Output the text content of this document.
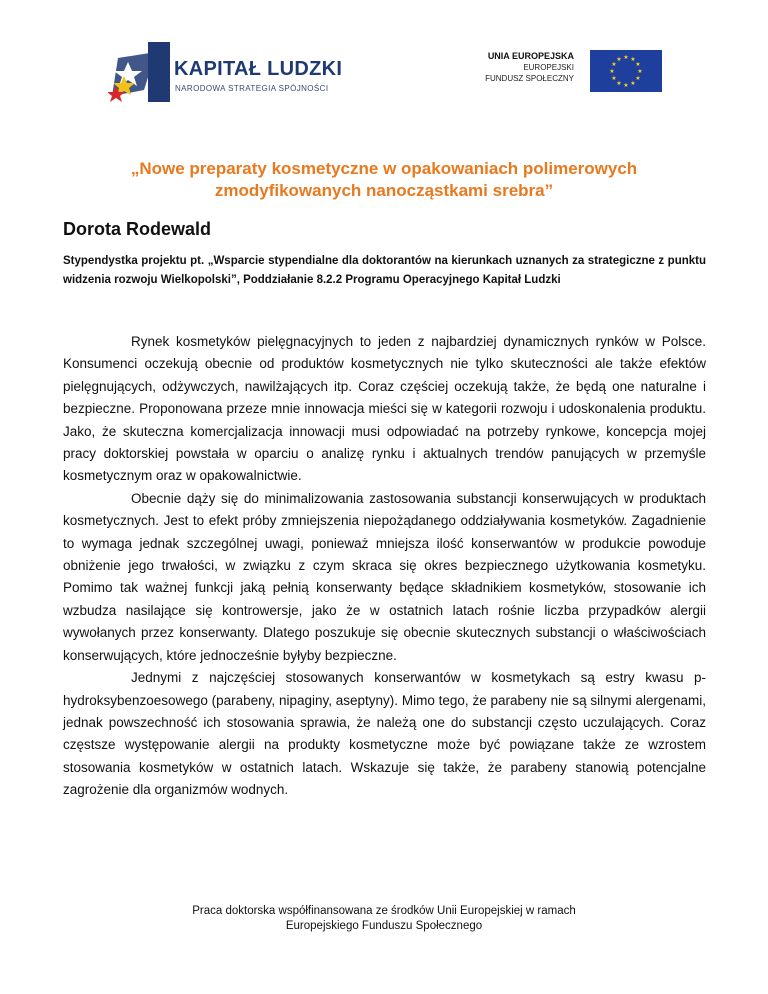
KAPITAŁ LUDZKI
NARODOWA STRATEGIA SPÓJNOŚCI
UNIA EUROPEJSKA
EUROPEJSKI
FUNDUSZ SPOŁECZNY
★ ★
★
★
★
★
★
★
★
★
★
★
„Nowe preparaty kosmetyczne w opakowaniach polimerowych zmodyfikowanych nanocząstkami srebra”
Dorota Rodewald
Stypendystka projektu pt. „Wsparcie stypendialne dla doktorantów na kierunkach uznanych za strategiczne z punktu widzenia rozwoju Wielkopolski”, Poddziałanie 8.2.2 Programu Operacyjnego Kapitał Ludzki

Rynek kosmetyków pielęgnacyjnych to jeden z najbardziej dynamicznych rynków w Polsce. Konsumenci oczekują obecnie od produktów kosmetycznych nie tylko skuteczności ale także efektów pielęgnujących, odżywczych, nawilżających itp. Coraz częściej oczekują także, że będą one naturalne i bezpieczne. Proponowana przeze mnie innowacja mieści się w kategorii rozwoju i udoskonalenia produktu. Jako, że skuteczna komercjalizacja innowacji musi odpowiadać na potrzeby rynkowe, koncepcja mojej pracy doktorskiej powstała w oparciu o analizę rynku i aktualnych trendów panujących w przemyśle kosmetycznym oraz w opakowalnictwie.

Obecnie dąży się do minimalizowania zastosowania substancji konserwujących w produktach kosmetycznych. Jest to efekt próby zmniejszenia niepożądanego oddziaływania kosmetyków. Zagadnienie to wymaga jednak szczególnej uwagi, ponieważ mniejsza ilość konserwantów w produkcie powoduje obniżenie jego trwałości, w związku z czym skraca się okres bezpiecznego użytkowania kosmetyku. Pomimo tak ważnej funkcji jaką pełnią konserwanty będące składnikiem kosmetyków, stosowanie ich wzbudza nasilające się kontrowersje, jako że w ostatnich latach rośnie liczba przypadków alergii wywołanych przez konserwanty. Dlatego poszukuje się obecnie skutecznych substancji o właściwościach konserwujących, które jednocześnie byłyby bezpieczne.

Jednymi z najczęściej stosowanych konserwantów w kosmetykach są estry kwasu p-hydroksybenzoesowego (parabeny, nipaginy, aseptyny). Mimo tego, że parabeny nie są silnymi alergenami, jednak powszechność ich stosowania sprawia, że należą one do substancji często uczulających. Coraz częstsze występowanie alergii na produkty kosmetyczne może być powiązane także ze wzrostem stosowania kosmetyków w ostatnich latach. Wskazuje się także, że parabeny stanowią potencjalne zagrożenie dla organizmów wodnych.

Praca doktorska współfinansowana ze środków Unii Europejskiej w ramach
Europejskiego Funduszu Społecznego
